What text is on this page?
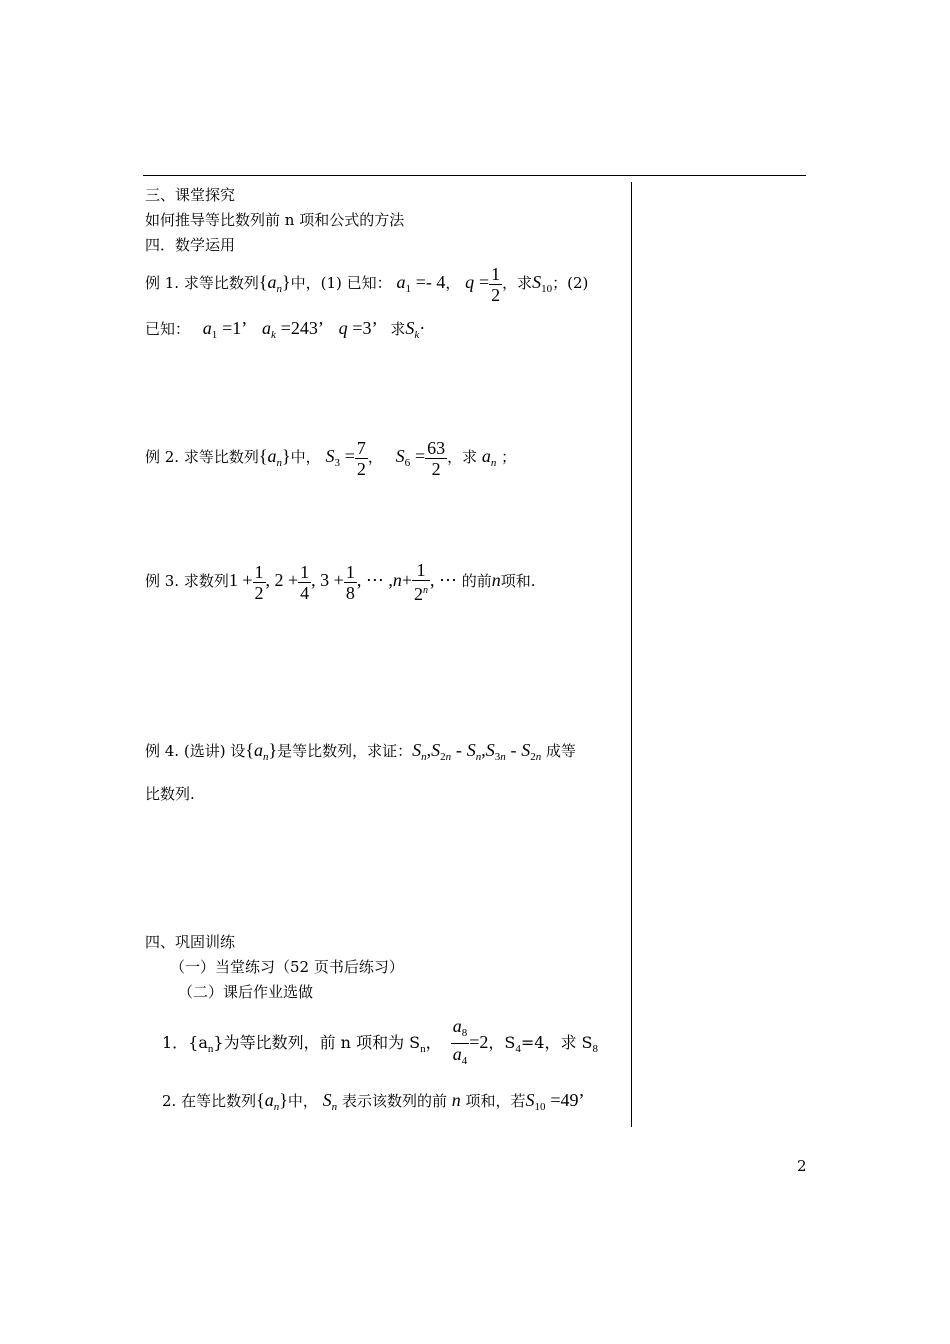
三、课堂探究
如何推导等比数列前 n 项和公式的方法
四．数学运用
例 1. 求等比数列$\{a_n\}$中，(1) 已知： $a_1 =- 4$， $q = \frac{1}{2}$ ，求$S_{10}$；(2)
已知： $a_1 =1$’ $a_k =243$’ q =3’ 求$S_k\cdot$
例 2. 求等比数列$\{a_n\}$中， $S_3 = \frac{7}{2}$ ， $S_6 = \frac{63}{2}$ ，求 $a_n$ ；
例 3. 求数列$1 + \frac{1}{2}$ , $2 + \frac{1}{4}$ , $3 + \frac{1}{8}$ , ⋯ $,n+ \frac{1}{2^n}$ , ⋯ 的前n项和.
例 4. (选讲) 设$\{a_n\}$是等比数列，求证：$S_n,S_{2n} - S_n,S_{3n} - S_{2n}$ 成等
比数列.
四、巩固训练
（一）当堂练习（52 页书后练习）
（二）课后作业选做
1．$\{a_n\}$为等比数列，前 n 项和为 $S_n$， $\frac{a_8}{a_4} =2$，$S_4=4$，求 $S_8$
2. 在等比数列$\{a_n\}$中， $S_n$ 表示该数列的前 n 项和，若$S_{10} =49$’
2
